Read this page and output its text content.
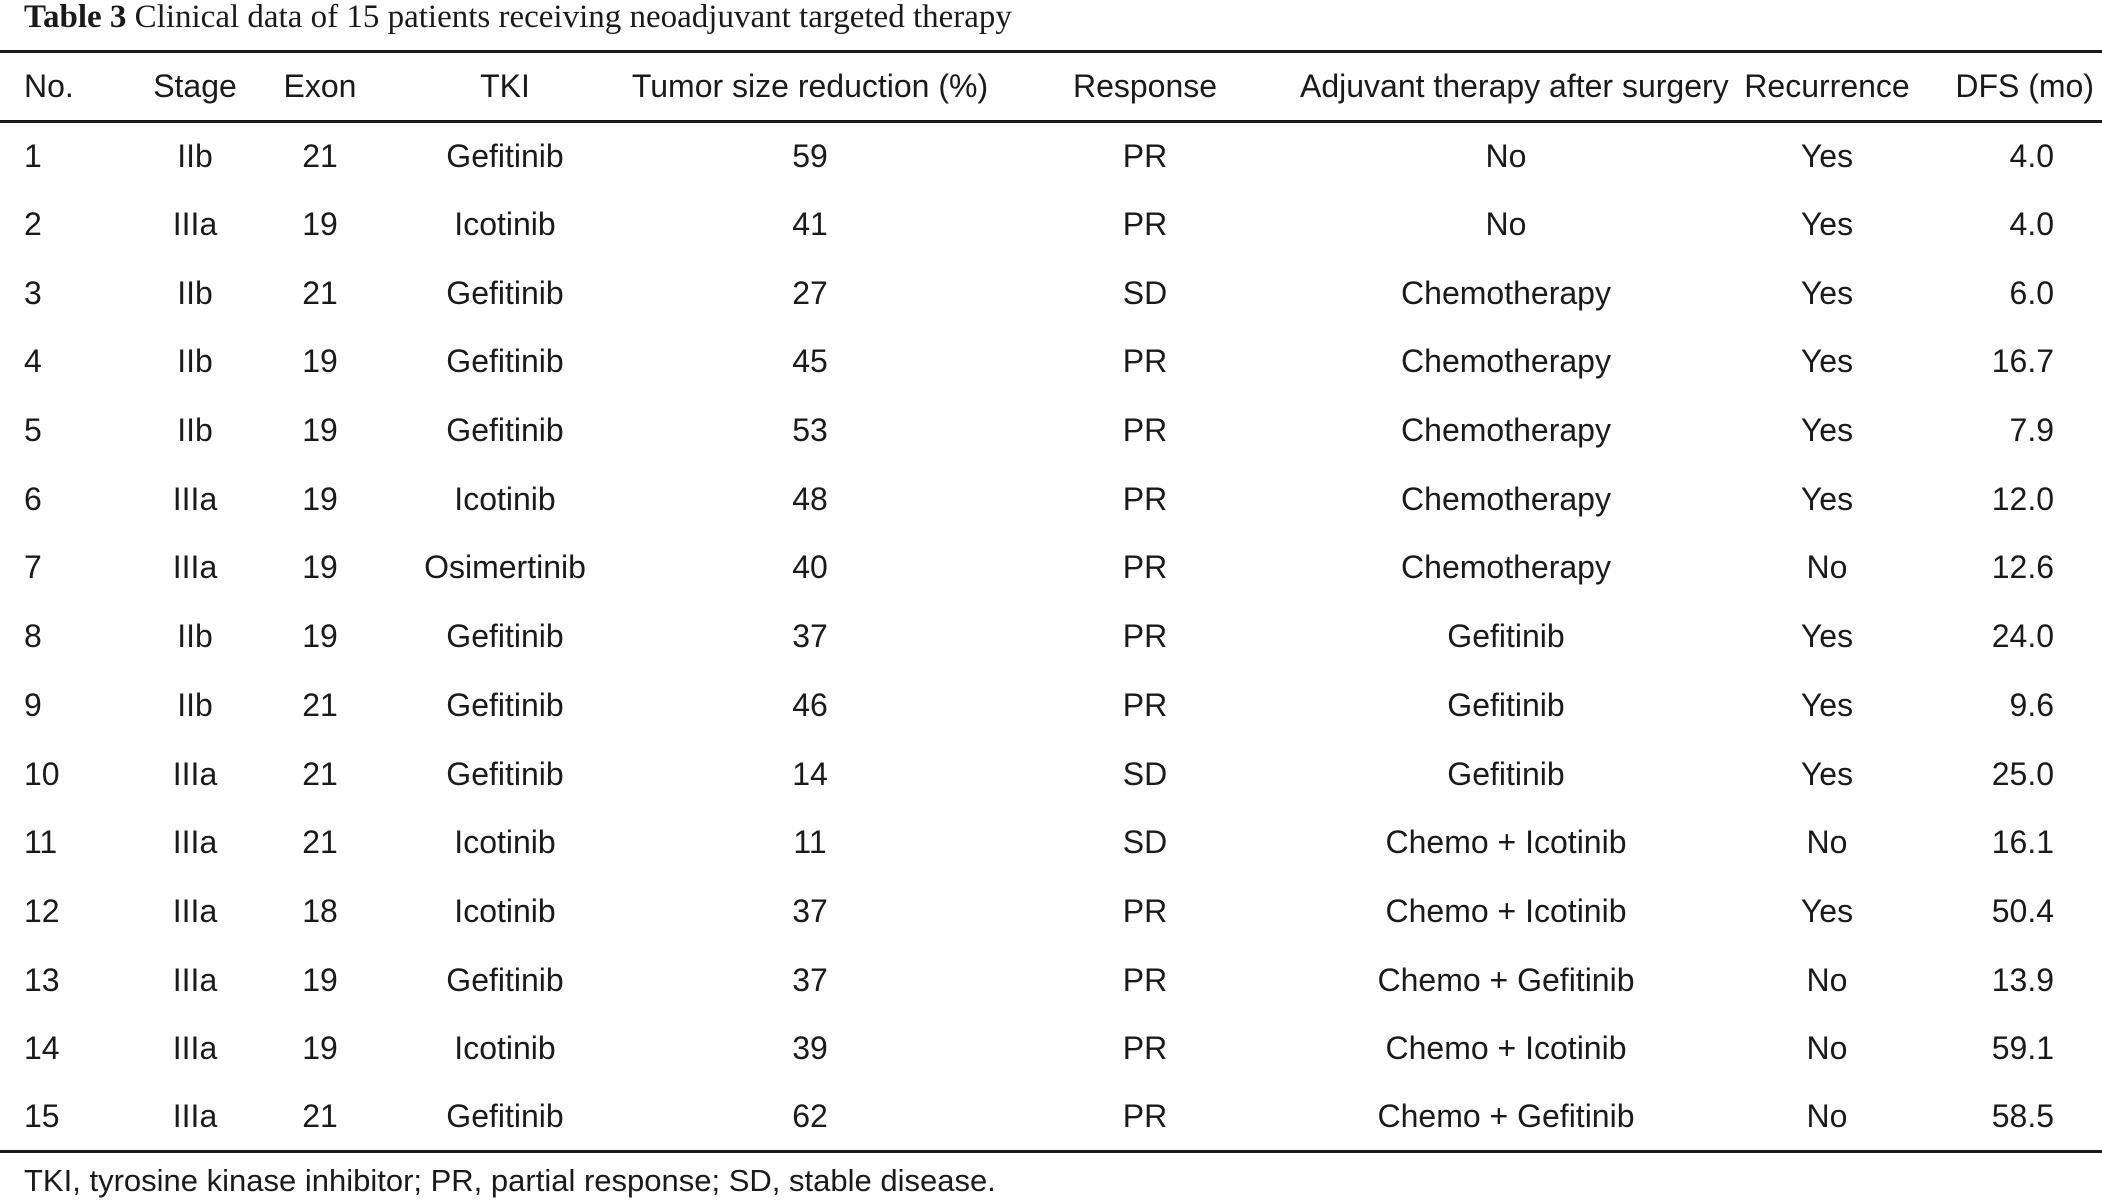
Table 3 Clinical data of 15 patients receiving neoadjuvant targeted therapy
No.	Stage	Exon	TKI	Tumor size reduction (%)	Response	Adjuvant therapy after surgery	Recurrence	DFS (mo)
1	IIb	21	Gefitinib	59	PR	No	Yes	4.0
2	IIIa	19	Icotinib	41	PR	No	Yes	4.0
3	IIb	21	Gefitinib	27	SD	Chemotherapy	Yes	6.0
4	IIb	19	Gefitinib	45	PR	Chemotherapy	Yes	16.7
5	IIb	19	Gefitinib	53	PR	Chemotherapy	Yes	7.9
6	IIIa	19	Icotinib	48	PR	Chemotherapy	Yes	12.0
7	IIIa	19	Osimertinib	40	PR	Chemotherapy	No	12.6
8	IIb	19	Gefitinib	37	PR	Gefitinib	Yes	24.0
9	IIb	21	Gefitinib	46	PR	Gefitinib	Yes	9.6
10	IIIa	21	Gefitinib	14	SD	Gefitinib	Yes	25.0
11	IIIa	21	Icotinib	11	SD	Chemo + Icotinib	No	16.1
12	IIIa	18	Icotinib	37	PR	Chemo + Icotinib	Yes	50.4
13	IIIa	19	Gefitinib	37	PR	Chemo + Gefitinib	No	13.9
14	IIIa	19	Icotinib	39	PR	Chemo + Icotinib	No	59.1
15	IIIa	21	Gefitinib	62	PR	Chemo + Gefitinib	No	58.5
TKI, tyrosine kinase inhibitor; PR, partial response; SD, stable disease.
